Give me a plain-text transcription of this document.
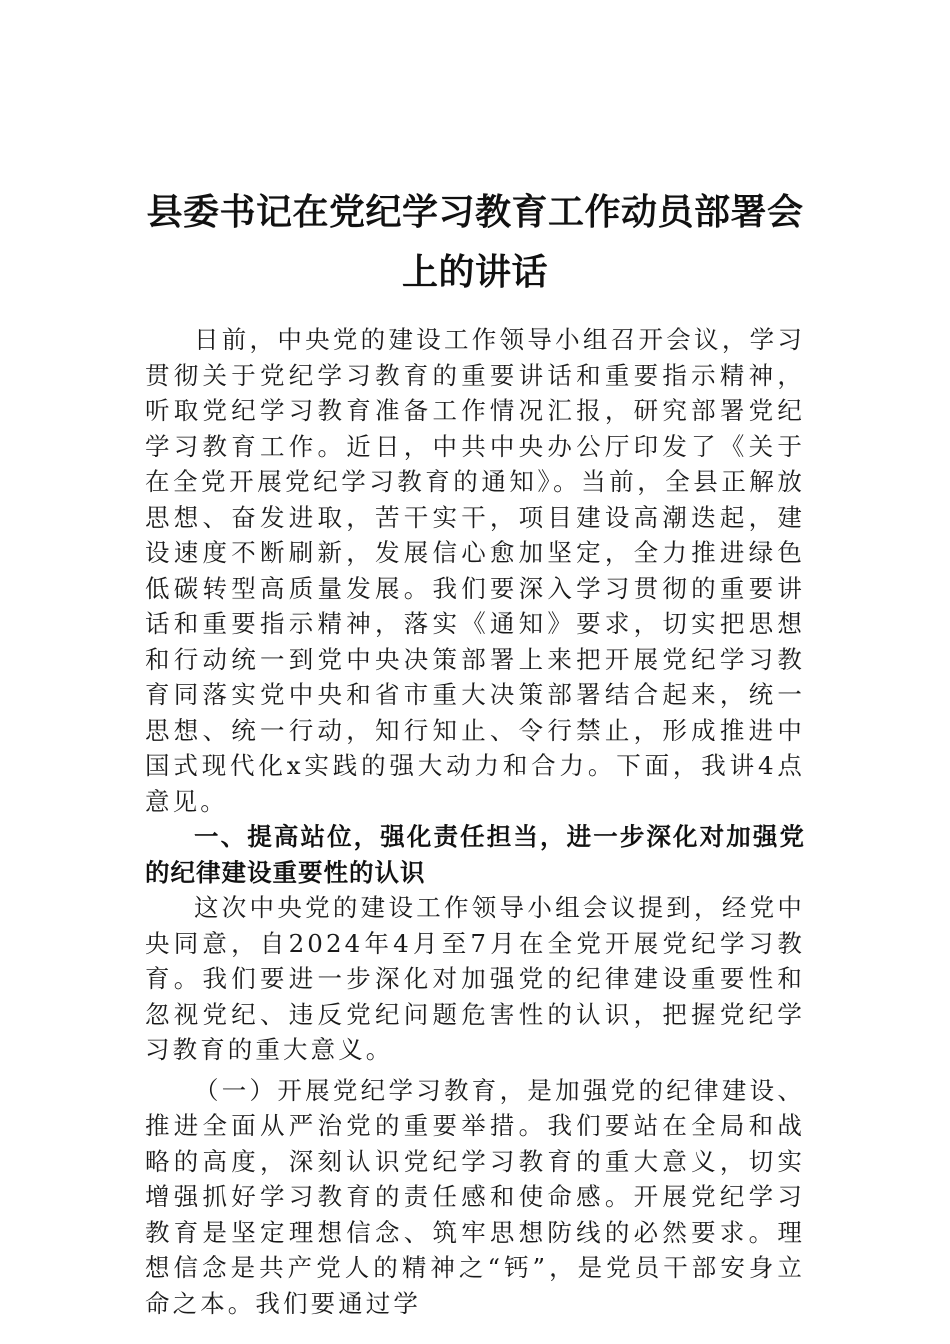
县委书记在党纪学习教育工作动员部署会上的讲话

日前，中央党的建设工作领导小组召开会议，学习贯彻关于党纪学习教育的重要讲话和重要指示精神，听取党纪学习教育准备工作情况汇报，研究部署党纪学习教育工作。近日，中共中央办公厅印发了《关于在全党开展党纪学习教育的通知》。当前，全县正解放思想、奋发进取，苦干实干，项目建设高潮迭起，建设速度不断刷新，发展信心愈加坚定，全力推进绿色低碳转型高质量发展。我们要深入学习贯彻的重要讲话和重要指示精神，落实《通知》要求，切实把思想和行动统一到党中央决策部署上来把开展党纪学习教育同落实党中央和省市重大决策部署结合起来，统一思想、统一行动，知行知止、令行禁止，形成推进中国式现代化x实践的强大动力和合力。下面，我讲4点意见。

一、提高站位，强化责任担当，进一步深化对加强党的纪律建设重要性的认识

这次中央党的建设工作领导小组会议提到，经党中央同意，自2024年4月至7月在全党开展党纪学习教育。我们要进一步深化对加强党的纪律建设重要性和忽视党纪、违反党纪问题危害性的认识，把握党纪学习教育的重大意义。

（一）开展党纪学习教育，是加强党的纪律建设、推进全面从严治党的重要举措。我们要站在全局和战略的高度，深刻认识党纪学习教育的重大意义，切实增强抓好学习教育的责任感和使命感。开展党纪学习教育是坚定理想信念、筑牢思想防线的必然要求。理想信念是共产党人的精神之“钙”，是党员干部安身立命之本。我们要通过学
